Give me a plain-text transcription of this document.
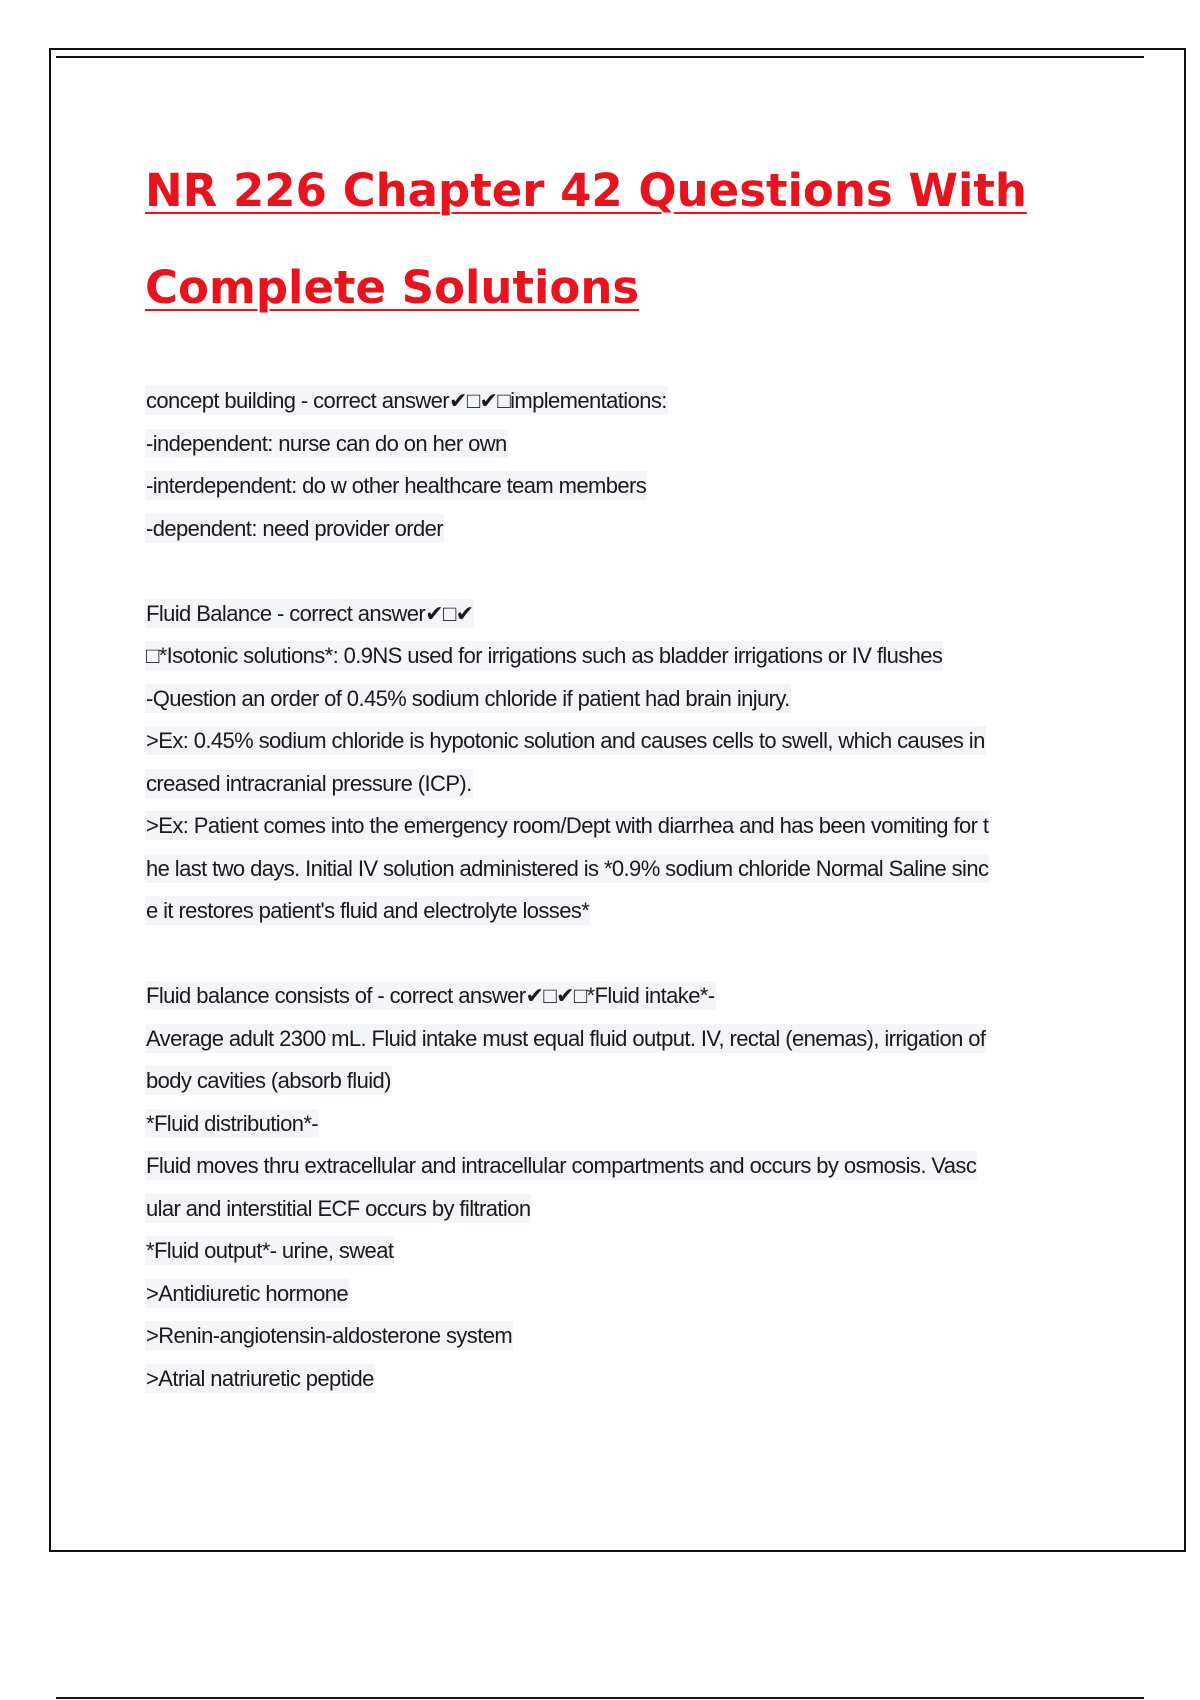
NR 226 Chapter 42 Questions With
Complete Solutions
concept building - correct answer✔□✔□implementations:
-independent: nurse can do on her own
-interdependent: do w other healthcare team members
-dependent: need provider order
Fluid Balance - correct answer✔□✔
□*Isotonic solutions*: 0.9NS used for irrigations such as bladder irrigations or IV flushes
-Question an order of 0.45% sodium chloride if patient had brain injury.
>Ex: 0.45% sodium chloride is hypotonic solution and causes cells to swell, which causes in
creased intracranial pressure (ICP).
>Ex: Patient comes into the emergency room/Dept with diarrhea and has been vomiting for t
he last two days. Initial IV solution administered is *0.9% sodium chloride Normal Saline sinc
e it restores patient's fluid and electrolyte losses*
Fluid balance consists of - correct answer✔□✔□*Fluid intake*-
Average adult 2300 mL. Fluid intake must equal fluid output. IV, rectal (enemas), irrigation of
body cavities (absorb fluid)
*Fluid distribution*-
Fluid moves thru extracellular and intracellular compartments and occurs by osmosis. Vasc
ular and interstitial ECF occurs by filtration
*Fluid output*- urine, sweat
>Antidiuretic hormone
>Renin-angiotensin-aldosterone system
>Atrial natriuretic peptide
